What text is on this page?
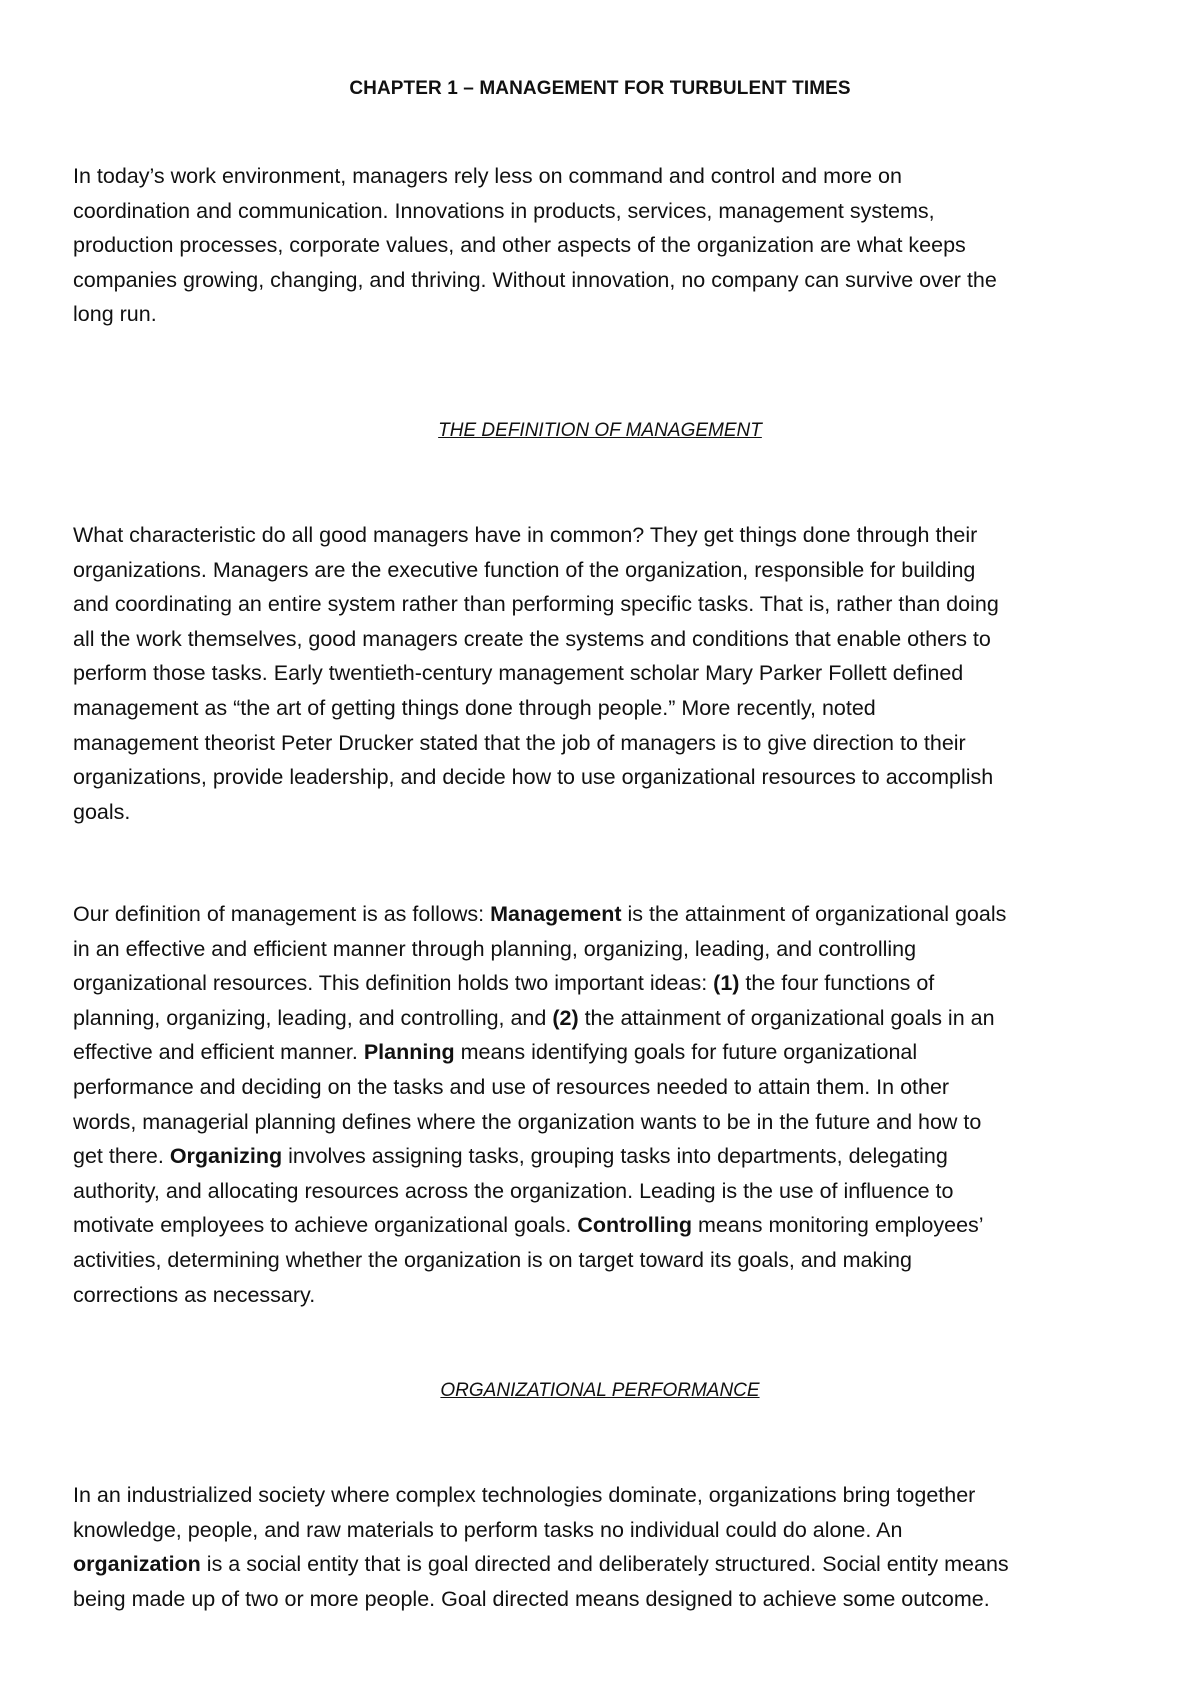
CHAPTER 1 – MANAGEMENT FOR TURBULENT TIMES

In today’s work environment, managers rely less on command and control and more on
coordination and communication. Innovations in products, services, management systems,
production processes, corporate values, and other aspects of the organization are what keeps
companies growing, changing, and thriving. Without innovation, no company can survive over the
long run.

THE DEFINITION OF MANAGEMENT

What characteristic do all good managers have in common? They get things done through their
organizations. Managers are the executive function of the organization, responsible for building
and coordinating an entire system rather than performing specific tasks. That is, rather than doing
all the work themselves, good managers create the systems and conditions that enable others to
perform those tasks. Early twentieth-century management scholar Mary Parker Follett defined
management as “the art of getting things done through people.” More recently, noted
management theorist Peter Drucker stated that the job of managers is to give direction to their
organizations, provide leadership, and decide how to use organizational resources to accomplish
goals.

Our definition of management is as follows: Management is the attainment of organizational goals
in an effective and efficient manner through planning, organizing, leading, and controlling
organizational resources. This definition holds two important ideas: (1) the four functions of
planning, organizing, leading, and controlling, and (2) the attainment of organizational goals in an
effective and efficient manner. Planning means identifying goals for future organizational
performance and deciding on the tasks and use of resources needed to attain them. In other
words, managerial planning defines where the organization wants to be in the future and how to
get there. Organizing involves assigning tasks, grouping tasks into departments, delegating
authority, and allocating resources across the organization. Leading is the use of influence to
motivate employees to achieve organizational goals. Controlling means monitoring employees’
activities, determining whether the organization is on target toward its goals, and making
corrections as necessary.

ORGANIZATIONAL PERFORMANCE

In an industrialized society where complex technologies dominate, organizations bring together
knowledge, people, and raw materials to perform tasks no individual could do alone. An
organization is a social entity that is goal directed and deliberately structured. Social entity means
being made up of two or more people. Goal directed means designed to achieve some outcome.
